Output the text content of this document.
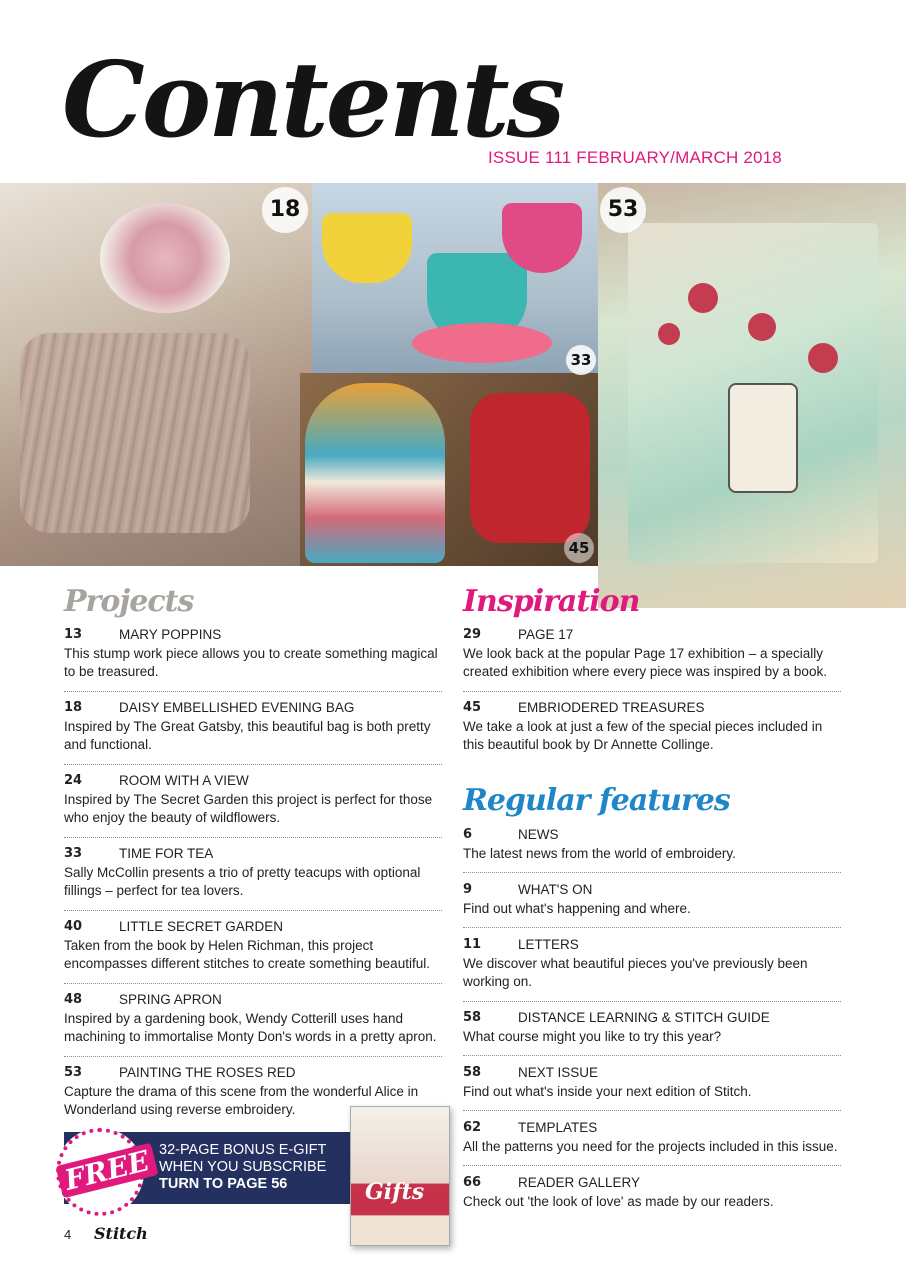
Contents
ISSUE 111 FEBRUARY/MARCH 2018
18
33
45
53
Projects	Inspiration
Regular features
13	MARY POPPINS
This stump work piece allows you to create something magical to be treasured.
18	DAISY EMBELLISHED EVENING BAG
Inspired by The Great Gatsby, this beautiful bag is both pretty and functional.
24	ROOM WITH A VIEW
Inspired by The Secret Garden this project is perfect for those who enjoy the beauty of wildflowers.
33	TIME FOR TEA
Sally McCollin presents a trio of pretty teacups with optional fillings – perfect for tea lovers.
40	LITTLE SECRET GARDEN
Taken from the book by Helen Richman, this project encompasses different stitches to create something beautiful.
48	SPRING APRON
Inspired by a gardening book, Wendy Cotterill uses hand machining to immortalise Monty Don's words in a pretty apron.
53	PAINTING THE ROSES RED
Capture the drama of this scene from the wonderful Alice in Wonderland using reverse embroidery.
29	PAGE 17
We look back at the popular Page 17 exhibition – a specially created exhibition where every piece was inspired by a book.
45	EMBRIODERED TREASURES
We take a look at just a few of the special pieces included in this beautiful book by Dr Annette Collinge.
6	NEWS
The latest news from the world of embroidery.
9	WHAT'S ON
Find out what's happening and where.
11	LETTERS
We discover what beautiful pieces you've previously been working on.
58	DISTANCE LEARNING & STITCH GUIDE
What course might you like to try this year?
58	NEXT ISSUE
Find out what's inside your next edition of Stitch.
62	TEMPLATES
All the patterns you need for the projects included in this issue.
66	READER GALLERY
Check out 'the look of love' as made by our readers.
32-PAGE BONUS E-GIFT
WHEN YOU SUBSCRIBE
TURN TO PAGE 56
FREE	Gifts
4 Stitch
